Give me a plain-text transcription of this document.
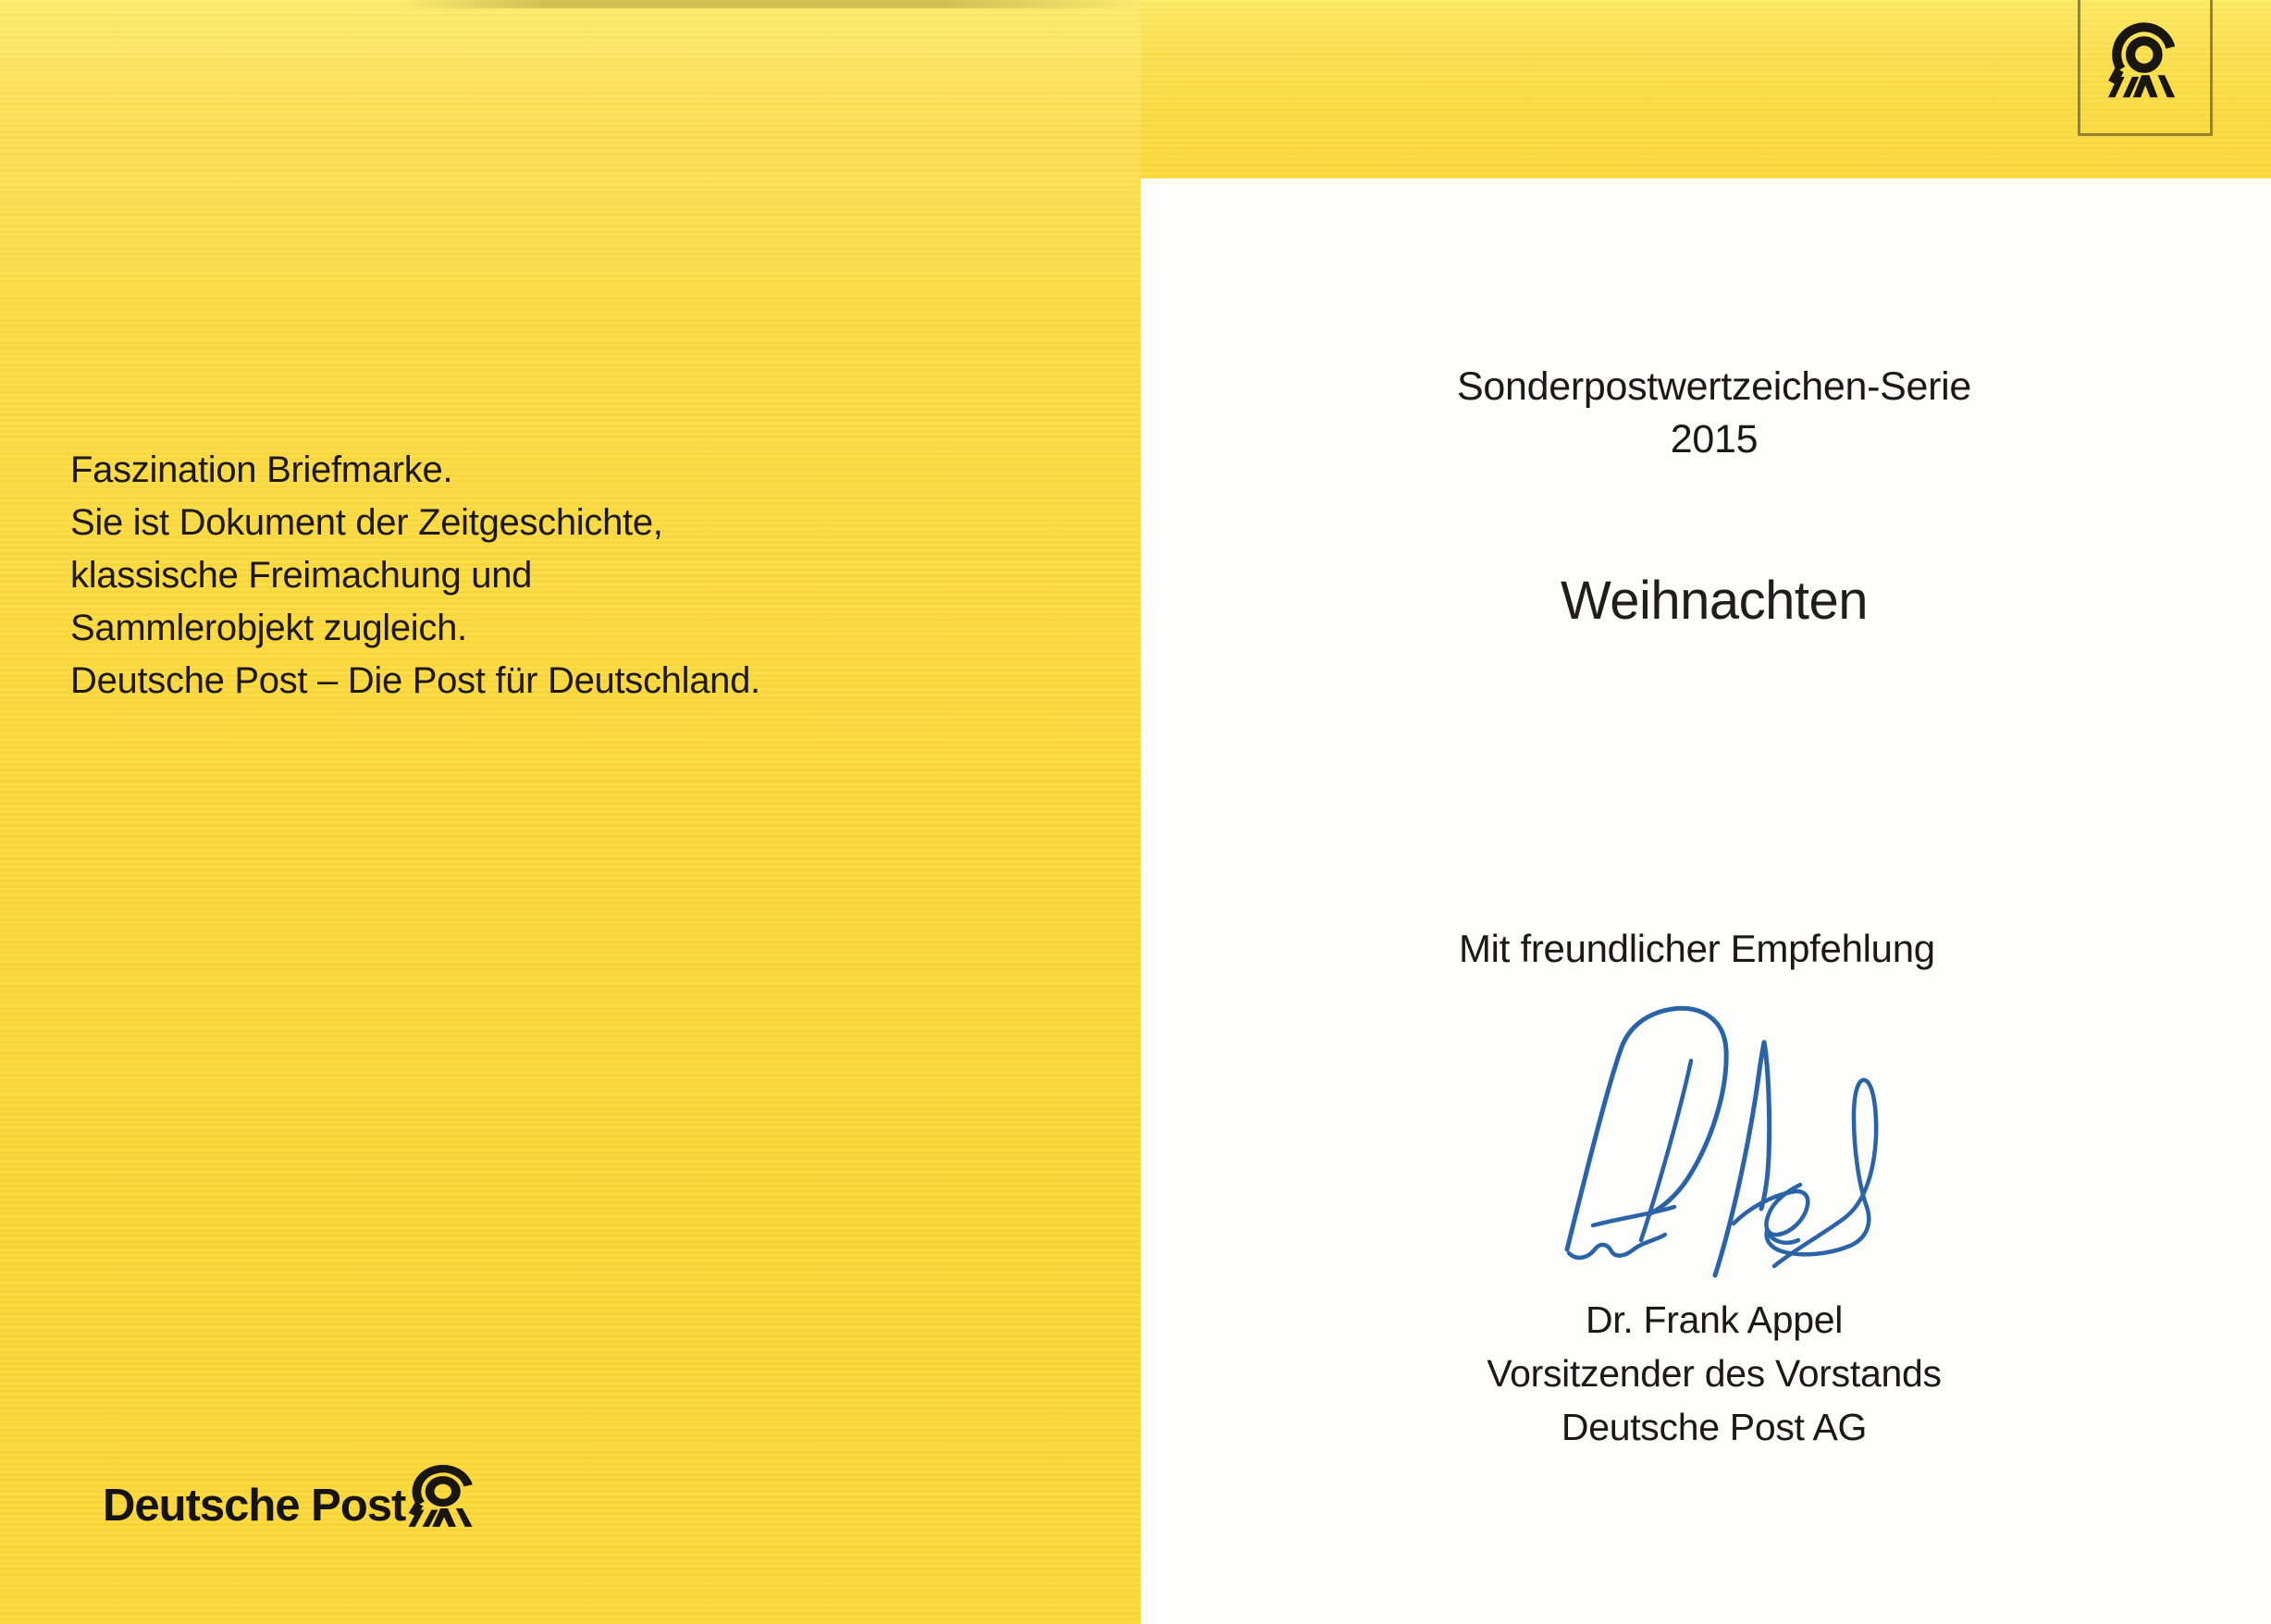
Faszination Briefmarke.
Sie ist Dokument der Zeitgeschichte,
klassische Freimachung und
Sammlerobjekt zugleich.
Deutsche Post – Die Post für Deutschland.
Deutsche Post
Sonderpostwertzeichen-Serie
2015
Weihnachten
Mit freundlicher Empfehlung
Dr. Frank Appel
Vorsitzender des Vorstands
Deutsche Post AG
